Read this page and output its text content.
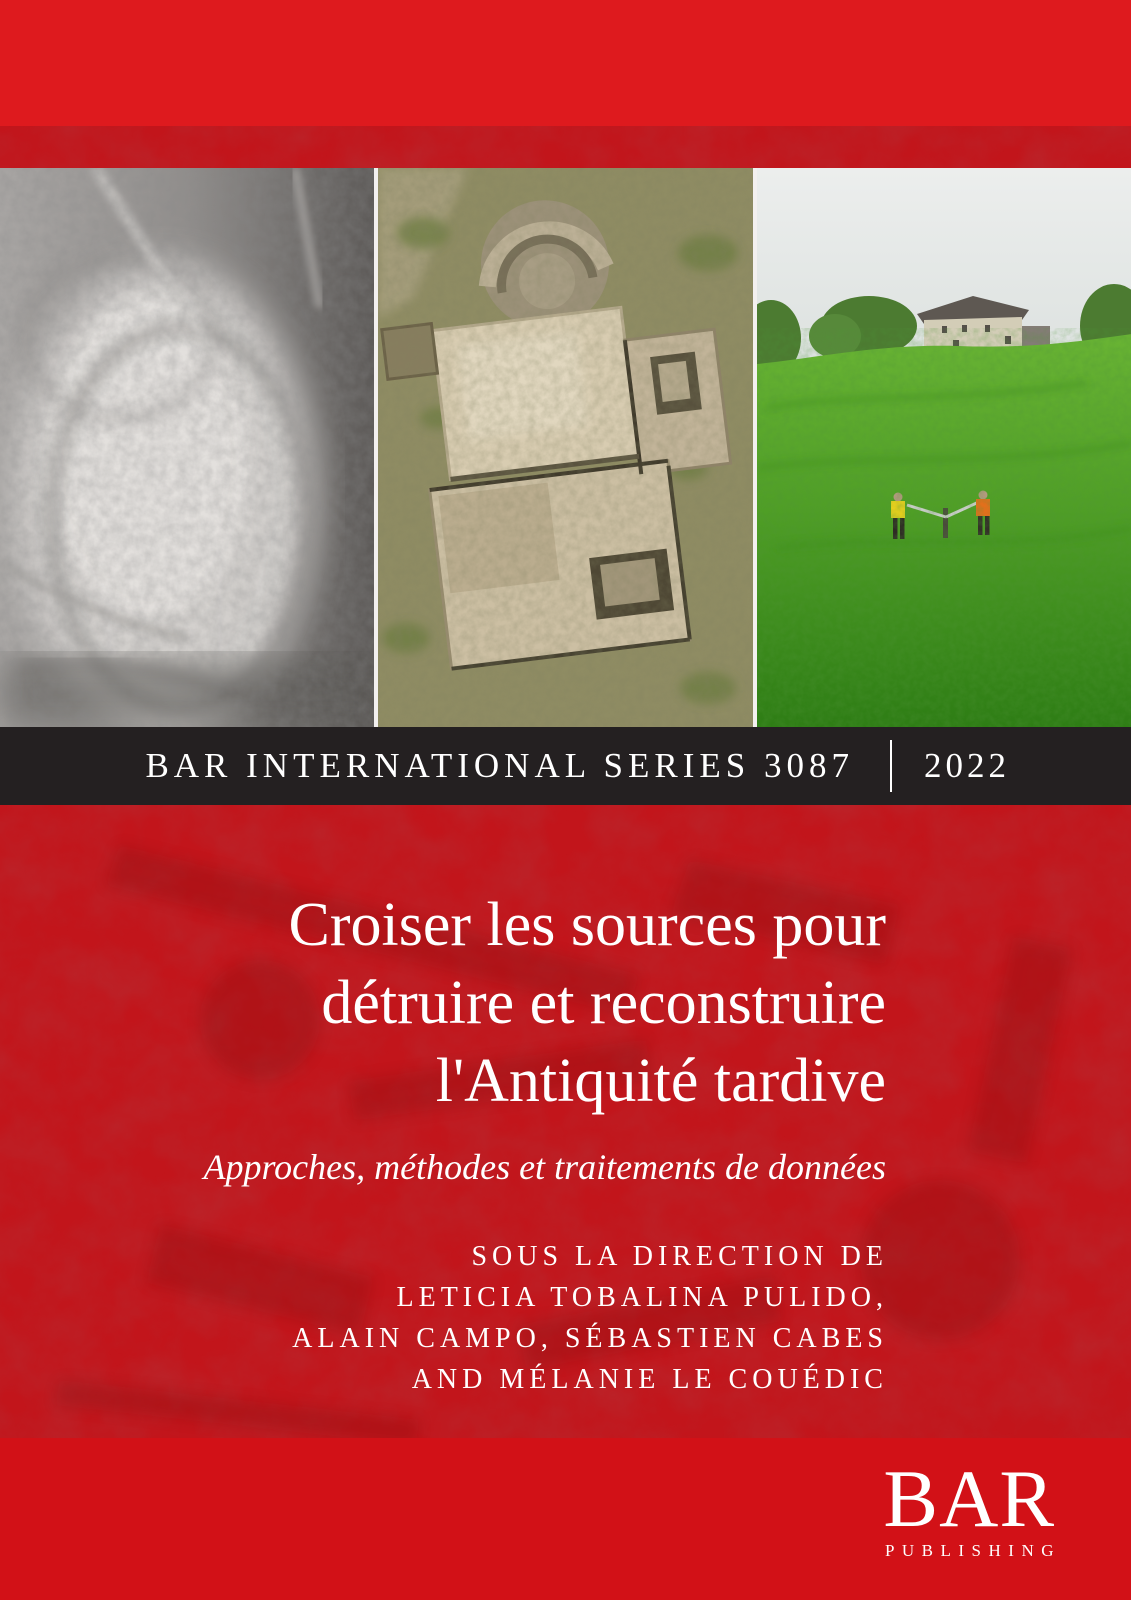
BAR INTERNATIONAL SERIES 3087 2022
Croiser les sources pour
détruire et reconstruire
l'Antiquité tardive
Approches, méthodes et traitements de données
SOUS LA DIRECTION DE
LETICIA TOBALINA PULIDO,
ALAIN CAMPO, SÉBASTIEN CABES
AND MÉLANIE LE COUÉDIC
BAR
PUBLISHING
